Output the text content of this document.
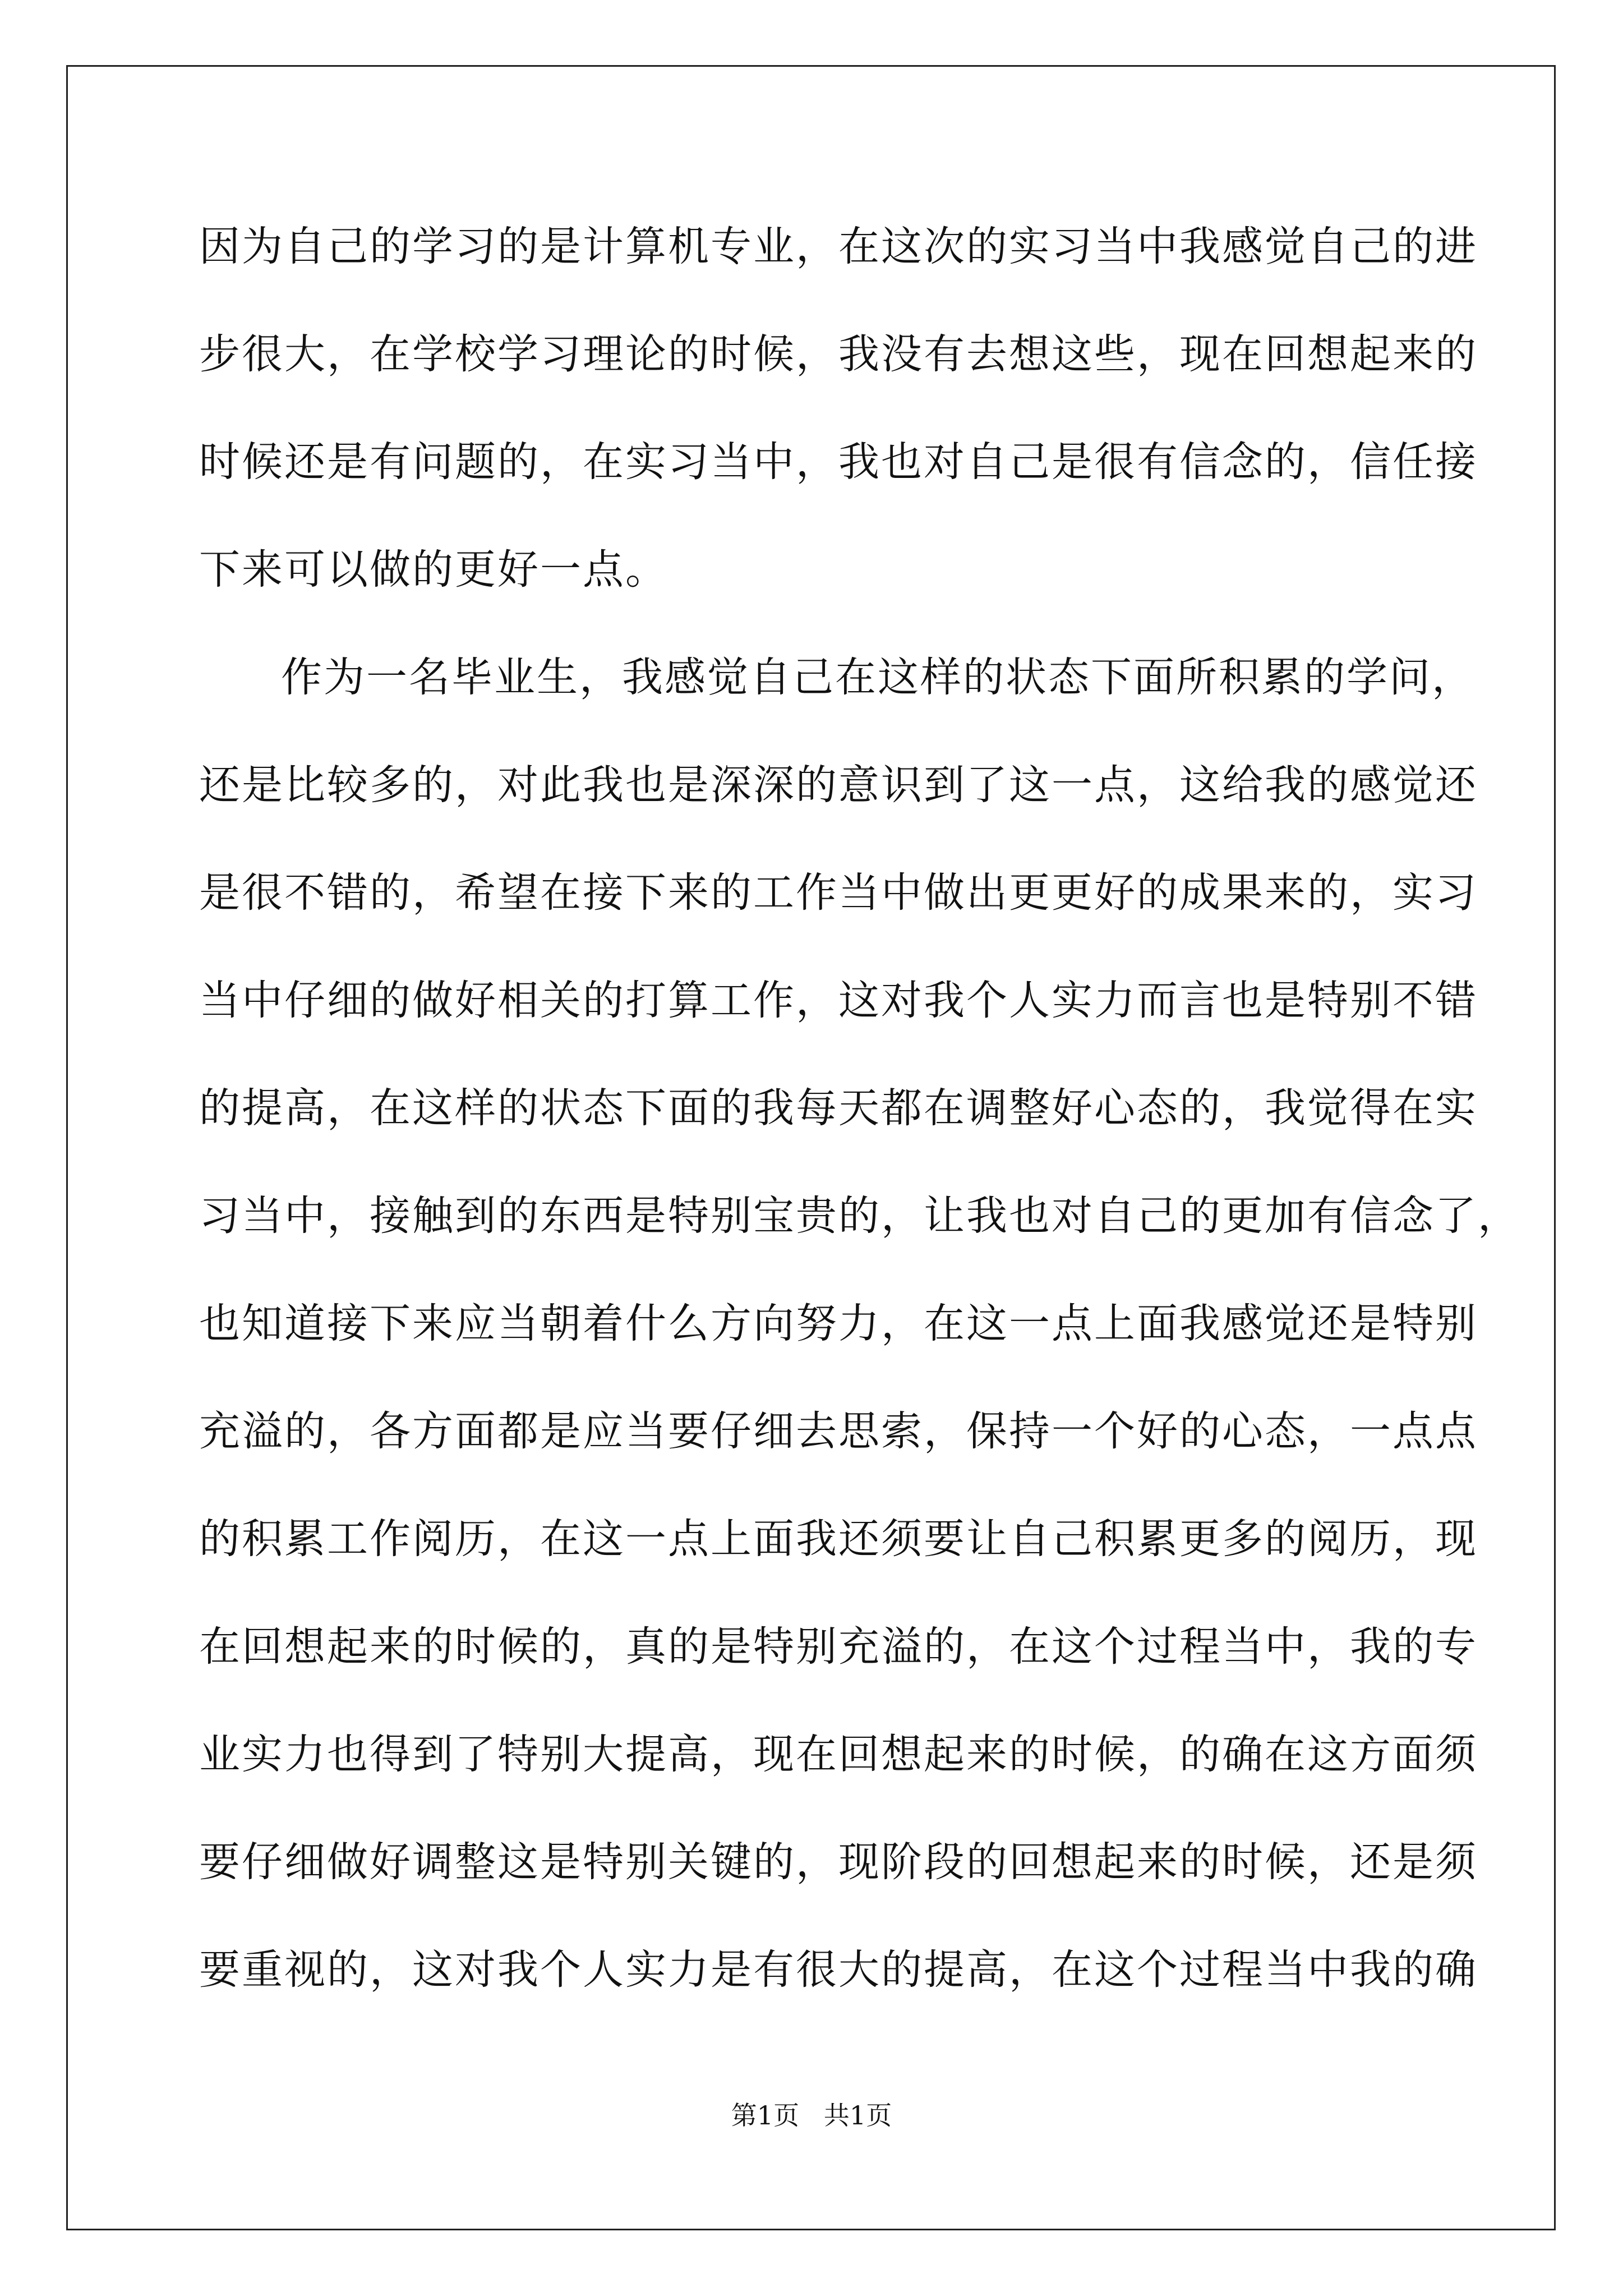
因为自己的学习的是计算机专业，在这次的实习当中我感觉自己的进
步很大，在学校学习理论的时候，我没有去想这些，现在回想起来的
时候还是有问题的，在实习当中，我也对自己是很有信念的，信任接
下来可以做的更好一点。
作为一名毕业生，我感觉自己在这样的状态下面所积累的学问，
还是比较多的，对此我也是深深的意识到了这一点，这给我的感觉还
是很不错的，希望在接下来的工作当中做出更更好的成果来的，实习
当中仔细的做好相关的打算工作，这对我个人实力而言也是特别不错
的提高，在这样的状态下面的我每天都在调整好心态的，我觉得在实
习当中，接触到的东西是特别宝贵的，让我也对自己的更加有信念了，
也知道接下来应当朝着什么方向努力，在这一点上面我感觉还是特别
充溢的，各方面都是应当要仔细去思索，保持一个好的心态，一点点
的积累工作阅历，在这一点上面我还须要让自己积累更多的阅历，现
在回想起来的时候的，真的是特别充溢的，在这个过程当中，我的专
业实力也得到了特别大提高，现在回想起来的时候，的确在这方面须
要仔细做好调整这是特别关键的，现阶段的回想起来的时候，还是须
要重视的，这对我个人实力是有很大的提高，在这个过程当中我的确
第1页   共1页
